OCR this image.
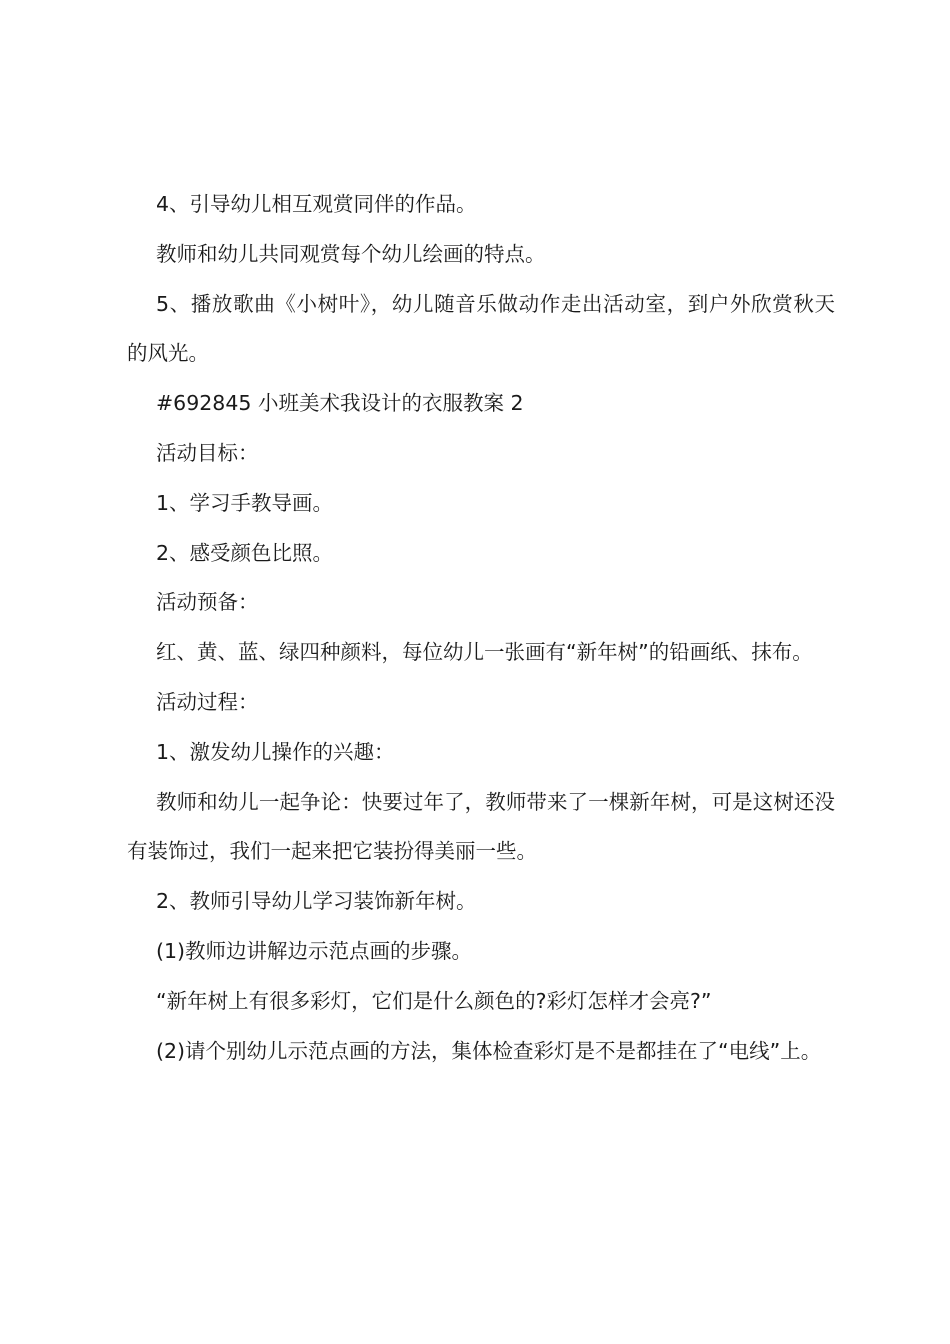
4、引导幼儿相互观赏同伴的作品。

教师和幼儿共同观赏每个幼儿绘画的特点。

5、播放歌曲《小树叶》，幼儿随音乐做动作走出活动室，到户外欣赏秋天的风光。

#692845 小班美术我设计的衣服教案 2

活动目标：

1、学习手教导画。

2、感受颜色比照。

活动预备：

红、黄、蓝、绿四种颜料，每位幼儿一张画有“新年树”的铅画纸、抹布。

活动过程：

1、激发幼儿操作的兴趣：

教师和幼儿一起争论：快要过年了，教师带来了一棵新年树，可是这树还没有装饰过，我们一起来把它装扮得美丽一些。

2、教师引导幼儿学习装饰新年树。

(1)教师边讲解边示范点画的步骤。

“新年树上有很多彩灯，它们是什么颜色的?彩灯怎样才会亮?”

(2)请个别幼儿示范点画的方法，集体检查彩灯是不是都挂在了“电线”上。
